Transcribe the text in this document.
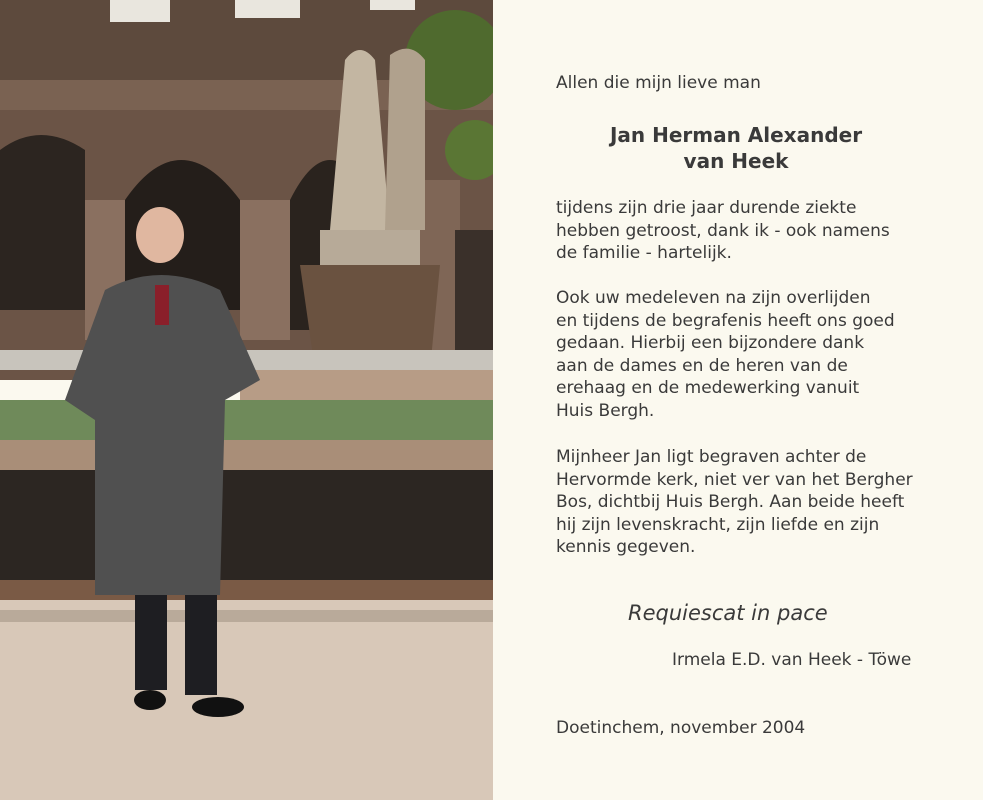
Allen die mijn lieve man
Jan Herman Alexander
van Heek
tijdens zijn drie jaar durende ziekte
hebben getroost, dank ik - ook namens
de familie - hartelijk.
Ook uw medeleven na zijn overlijden
en tijdens de begrafenis heeft ons goed
gedaan. Hierbij een bijzondere dank
aan de dames en de heren van de
erehaag en de medewerking vanuit
Huis Bergh.
Mijnheer Jan ligt begraven achter de
Hervormde kerk, niet ver van het Bergher
Bos, dichtbij Huis Bergh. Aan beide heeft
hij zijn levenskracht, zijn liefde en zijn
kennis gegeven.
Requiescat in pace
Irmela E.D. van Heek - Töwe
Doetinchem, november 2004
